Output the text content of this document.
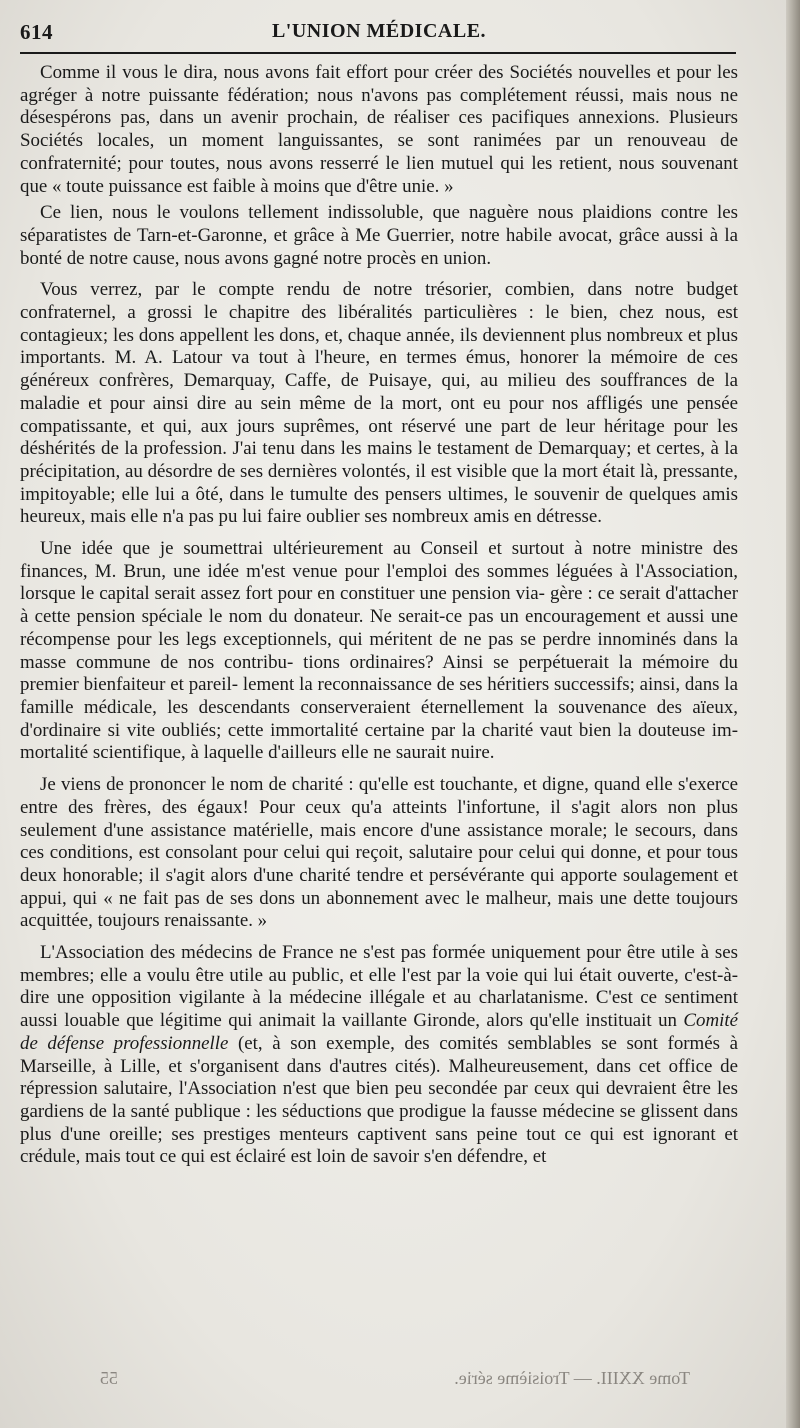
614	L'UNION MÉDICALE.

Comme il vous le dira, nous avons fait effort pour créer des Sociétés nouvelles et pour les agréger à notre puissante fédération; nous n'avons pas complétement réussi, mais nous ne désespérons pas, dans un avenir prochain, de réaliser ces pacifiques annexions. Plusieurs Sociétés locales, un moment languissantes, se sont ranimées par un renouveau de confraternité; pour toutes, nous avons resserré le lien mutuel qui les retient, nous souvenant que « toute puissance est faible à moins que d'être unie. »

Ce lien, nous le voulons tellement indissoluble, que naguère nous plaidions contre les séparatistes de Tarn-et-Garonne, et grâce à Me Guerrier, notre habile avocat, grâce aussi à la bonté de notre cause, nous avons gagné notre procès en union.

Vous verrez, par le compte rendu de notre trésorier, combien, dans notre budget confraternel, a grossi le chapitre des libéralités particulières : le bien, chez nous, est contagieux; les dons appellent les dons, et, chaque année, ils deviennent plus nombreux et plus importants. M. A. Latour va tout à l'heure, en termes émus, honorer la mémoire de ces généreux confrères, Demarquay, Caffe, de Puisaye, qui, au milieu des souffrances de la maladie et pour ainsi dire au sein même de la mort, ont eu pour nos affligés une pensée compatissante, et qui, aux jours suprêmes, ont réservé une part de leur héritage pour les déshérités de la profession. J'ai tenu dans les mains le testament de Demarquay; et certes, à la précipitation, au désordre de ses dernières volontés, il est visible que la mort était là, pressante, impitoyable; elle lui a ôté, dans le tumulte des pensers ultimes, le souvenir de quelques amis heureux, mais elle n'a pas pu lui faire oublier ses nombreux amis en détresse.

Une idée que je soumettrai ultérieurement au Conseil et surtout à notre ministre des finances, M. Brun, une idée m'est venue pour l'emploi des sommes léguées à l'Association, lorsque le capital serait assez fort pour en constituer une pension via- gère : ce serait d'attacher à cette pension spéciale le nom du donateur. Ne serait-ce pas un encouragement et aussi une récompense pour les legs exceptionnels, qui méritent de ne pas se perdre innominés dans la masse commune de nos contribu- tions ordinaires? Ainsi se perpétuerait la mémoire du premier bienfaiteur et pareil- lement la reconnaissance de ses héritiers successifs; ainsi, dans la famille médicale, les descendants conserveraient éternellement la souvenance des aïeux, d'ordinaire si vite oubliés; cette immortalité certaine par la charité vaut bien la douteuse im- mortalité scientifique, à laquelle d'ailleurs elle ne saurait nuire.

Je viens de prononcer le nom de charité : qu'elle est touchante, et digne, quand elle s'exerce entre des frères, des égaux! Pour ceux qu'a atteints l'infortune, il s'agit alors non plus seulement d'une assistance matérielle, mais encore d'une assistance morale; le secours, dans ces conditions, est consolant pour celui qui reçoit, salutaire pour celui qui donne, et pour tous deux honorable; il s'agit alors d'une charité tendre et persévérante qui apporte soulagement et appui, qui « ne fait pas de ses dons un abonnement avec le malheur, mais une dette toujours acquittée, toujours renaissante. »

L'Association des médecins de France ne s'est pas formée uniquement pour être utile à ses membres; elle a voulu être utile au public, et elle l'est par la voie qui lui était ouverte, c'est-à-dire une opposition vigilante à la médecine illégale et au charlatanisme. C'est ce sentiment aussi louable que légitime qui animait la vaillante Gironde, alors qu'elle instituait un Comité de défense professionnelle (et, à son exemple, des comités semblables se sont formés à Marseille, à Lille, et s'organisent dans d'autres cités). Malheureusement, dans cet office de répression salutaire, l'Association n'est que bien peu secondée par ceux qui devraient être les gardiens de la santé publique : les séductions que prodigue la fausse médecine se glissent dans plus d'une oreille; ses prestiges menteurs captivent sans peine tout ce qui est ignorant et crédule, mais tout ce qui est éclairé est loin de savoir s'en défendre, et

Tome XXIII. — Troisième série.
55
